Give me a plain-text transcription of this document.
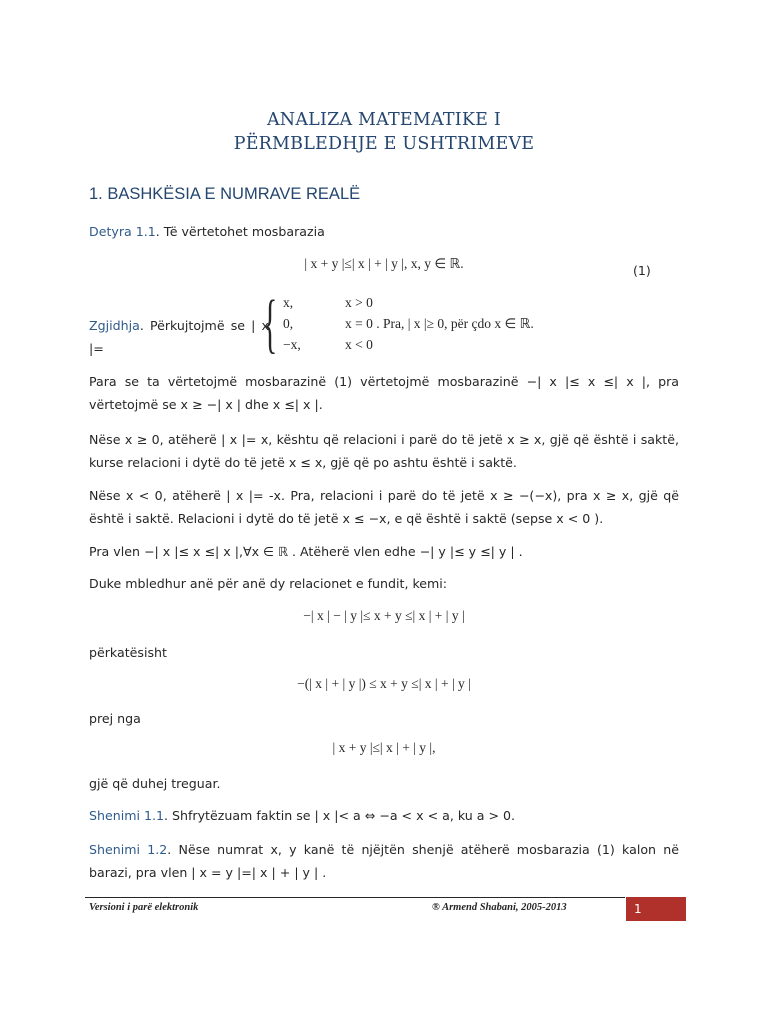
ANALIZA MATEMATIKE I
PËRMBLEDHJE E USHTRIMEVE
1. BASHKËSIA E NUMRAVE REALË
Detyra 1.1. Të vërtetohet mosbarazia
| x + y |≤| x | + | y |, x, y ∈ ℝ.	(1)
Zgjidhja. Përkujtojmë se | x |=	{ x,	x > 0
0,	x = 0 . Pra, | x |≥ 0, për çdo x ∈ ℝ.
−x,	x < 0
Para se ta vërtetojmë mosbarazinë (1) vërtetojmë mosbarazinë −| x |≤ x ≤| x |, pra vërtetojmë se x ≥ −| x | dhe x ≤| x |.
Nëse x ≥ 0, atëherë | x |= x, kështu që relacioni i parë do të jetë x ≥ x, gjë që është i saktë, kurse relacioni i dytë do të jetë x ≤ x, gjë që po ashtu është i saktë.
Nëse x < 0, atëherë | x |= -x. Pra, relacioni i parë do të jetë x ≥ −(−x), pra x ≥ x, gjë që është i saktë. Relacioni i dytë do të jetë x ≤ −x, e që është i saktë (sepse x < 0 ).
Pra vlen −| x |≤ x ≤| x |,∀x ∈ ℝ . Atëherë vlen edhe −| y |≤ y ≤| y | .
Duke mbledhur anë për anë dy relacionet e fundit, kemi:
−| x | − | y |≤ x + y ≤| x | + | y |
përkatësisht
−(| x | + | y |) ≤ x + y ≤| x | + | y |
prej nga
| x + y |≤| x | + | y |,
gjë që duhej treguar.
Shenimi 1.1. Shfrytëzuam faktin se | x |< a ⇔ −a < x < a, ku a > 0.
Shenimi 1.2. Nëse numrat x, y kanë të njëjtën shenjë atëherë mosbarazia (1) kalon në barazi, pra vlen | x = y |=| x | + | y | .
Versioni i parë elektronik	® Armend Shabani, 2005-2013	1
